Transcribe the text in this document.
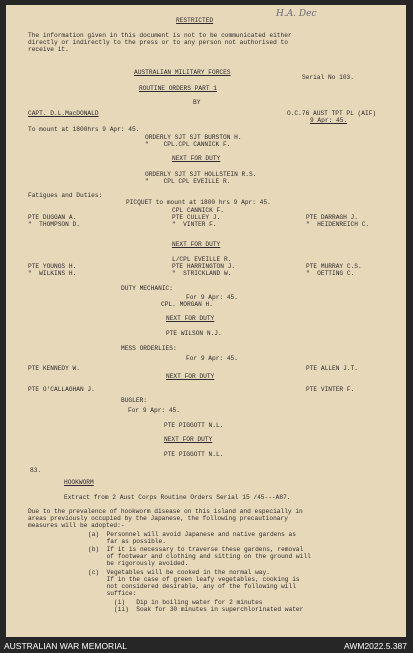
H.A. Dec
RESTRICTED
The information given in this document is not to be communicated either
directly or indirectly to the press or to any person not authorised to
receive it.
AUSTRALIAN MILITARY FORCES
Serial No 103.
ROUTINE ORDERS PART 1
BY
CAPT. D.L.MacDONALD	O.C.76 AUST TPT PL (AIF)
9 Apr: 45.
To mount at 1800hrs 9 Apr: 45.
ORDERLY SJT SJT BURSTON H.
"    CPL.CPL CANNICK F.
NEXT FOR DUTY
ORDERLY SJT SJT HOLLSTEIN R.S.
"    CPL CPL EVEILLE R.
Fatigues and Duties:
PICQUET to mount at 1800 hrs 9 Apr: 45.
CPL CANNICK F.
PTE DUGGAN A.	PTE CULLEY J.	PTE DARRAGH J.
"  THOMPSON D.	"  VINTER F.	"  HEIDENREICH C.
NEXT FOR DUTY
L/CPL EVEILLE R.
PTE YOUNGS H.	PTE HARRINGTON J.	PTE MURRAY C.S.
"  WILKINS H.	"  STRICKLAND W.	"  OETTING C.
DUTY MECHANIC:
For 9 Apr: 45.
CPL. MORGAN H.
NEXT FOR DUTY
PTE WILSON N.J.
MESS ORDERLIES:
For 9 Apr: 45.
PTE KENNEDY W.	PTE ALLEN J.T.
NEXT FOR DUTY
PTE O'CALLAGHAN J.	PTE VINTER F.
BUGLER:
For 9 Apr: 45.
PTE PIGGOTT N.L.
NEXT FOR DUTY
PTE PIGGOTT N.L.
83.
HOOKWORM
Extract from 2 Aust Corps Routine Orders Serial 15 /45---A87.
Due to the prevalence of hookworm disease on this island and especially in
areas previously occupied by the Japanese, the following precautionary
measures will be adopted:-
(a)  Personnel will avoid Japanese and native gardens as
far as possible.
(b)  If it is necessary to traverse these gardens, removal
of footwear and clothing and sitting on the ground will
be rigorously avoided.
(c)  Vegetables will be cooked in the normal way.
If in the case of green leafy vegetables, cooking is
not considered desirable, any of the following will
suffice:
(i)   Dip in boiling water for 2 minutes
(ii)  Soak for 30 minutes in superchlorinated water
AUSTRALIAN WAR MEMORIAL	AWM2022.5.387
